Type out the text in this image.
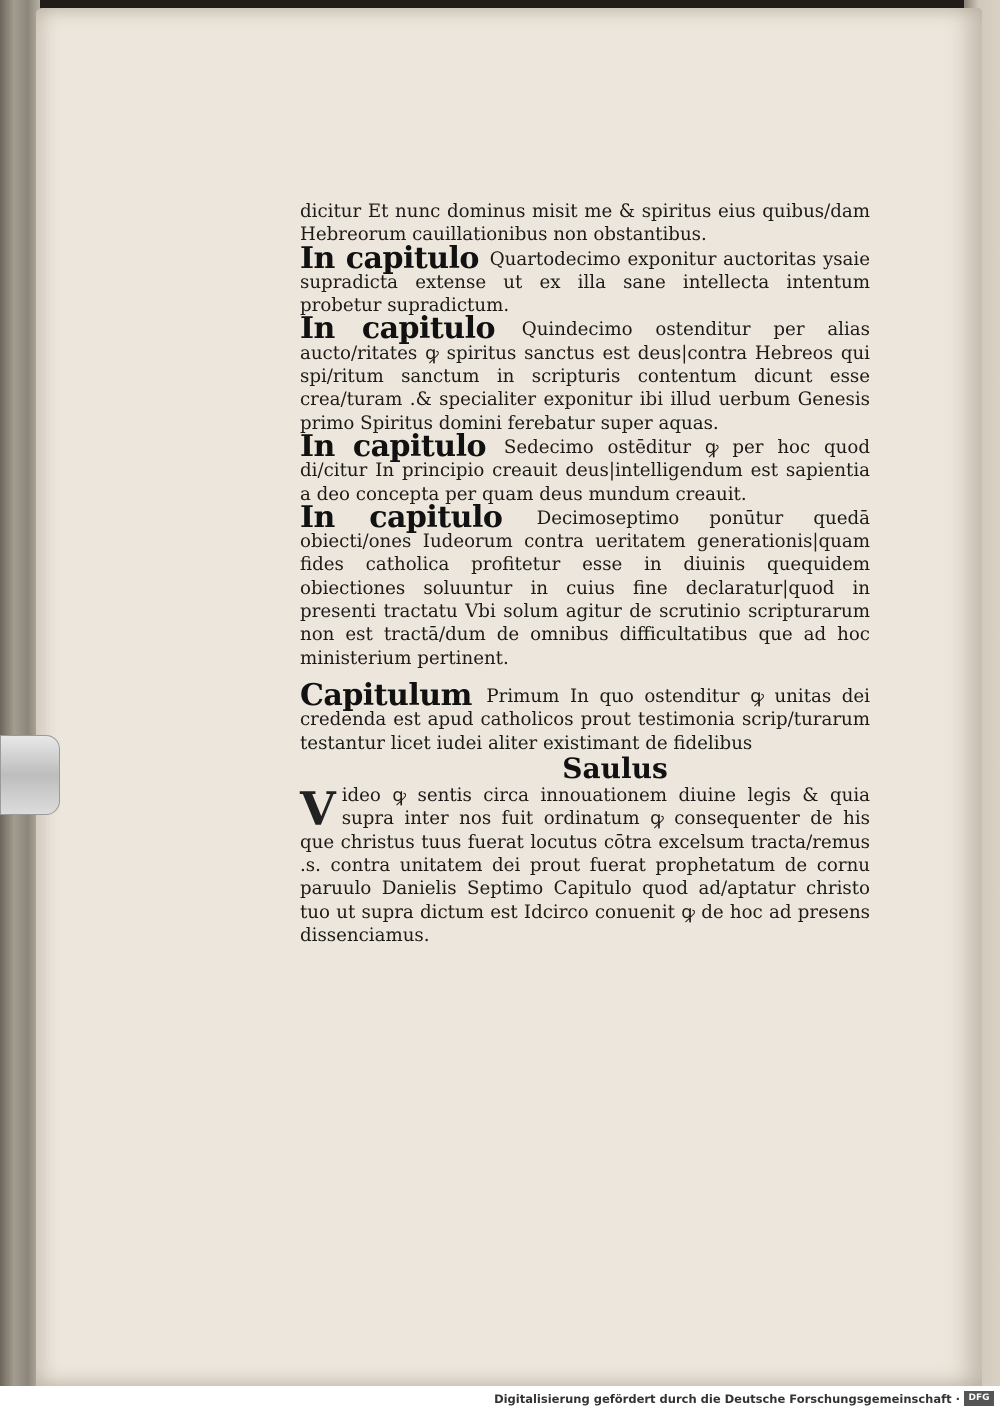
dicitur Et nunc dominus misit me & spiritus eius quibus/dam Hebreorum cauillationibus non obstantibus.

In capitulo Quartodecimo exponitur auctoritas ysaie supradicta extense ut ex illa sane intellecta intentum probetur supradictum.

In capitulo Quindecimo ostenditur per alias aucto/ritates ꝙ spiritus sanctus est deus|contra Hebreos qui spi/ritum sanctum in scripturis contentum dicunt esse crea/turam .& specialiter exponitur ibi illud uerbum Genesis primo Spiritus domini ferebatur super aquas.

In capitulo Sedecimo ostēditur ꝙ per hoc quod di/citur In principio creauit deus|intelligendum est sapientia a deo concepta per quam deus mundum creauit.

In capitulo Decimoseptimo ponūtur quedā obiecti/ones Iudeorum contra ueritatem generationis|quam fides catholica profitetur esse in diuinis quequidem obiectiones soluuntur in cuius fine declaratur|quod in presenti tractatu Vbi solum agitur de scrutinio scripturarum non est tractā/dum de omnibus difficultatibus que ad hoc ministerium pertinent.

Capitulum Primum In quo ostenditur ꝙ unitas dei credenda est apud catholicos prout testimonia scrip/turarum testantur licet iudei aliter existimant de fidelibus

Saulus

V ideo ꝙ sentis circa innouationem diuine legis & quia supra inter nos fuit ordinatum ꝙ consequenter de his que christus tuus fuerat locutus cōtra excelsum tracta/remus .s. contra unitatem dei prout fuerat prophetatum de cornu paruulo Danielis Septimo Capitulo quod ad/aptatur christo tuo ut supra dictum est Idcirco conuenit ꝙ de hoc ad presens dissenciamus.

Digitalisierung gefördert durch die Deutsche Forschungsgemeinschaft · DFG
